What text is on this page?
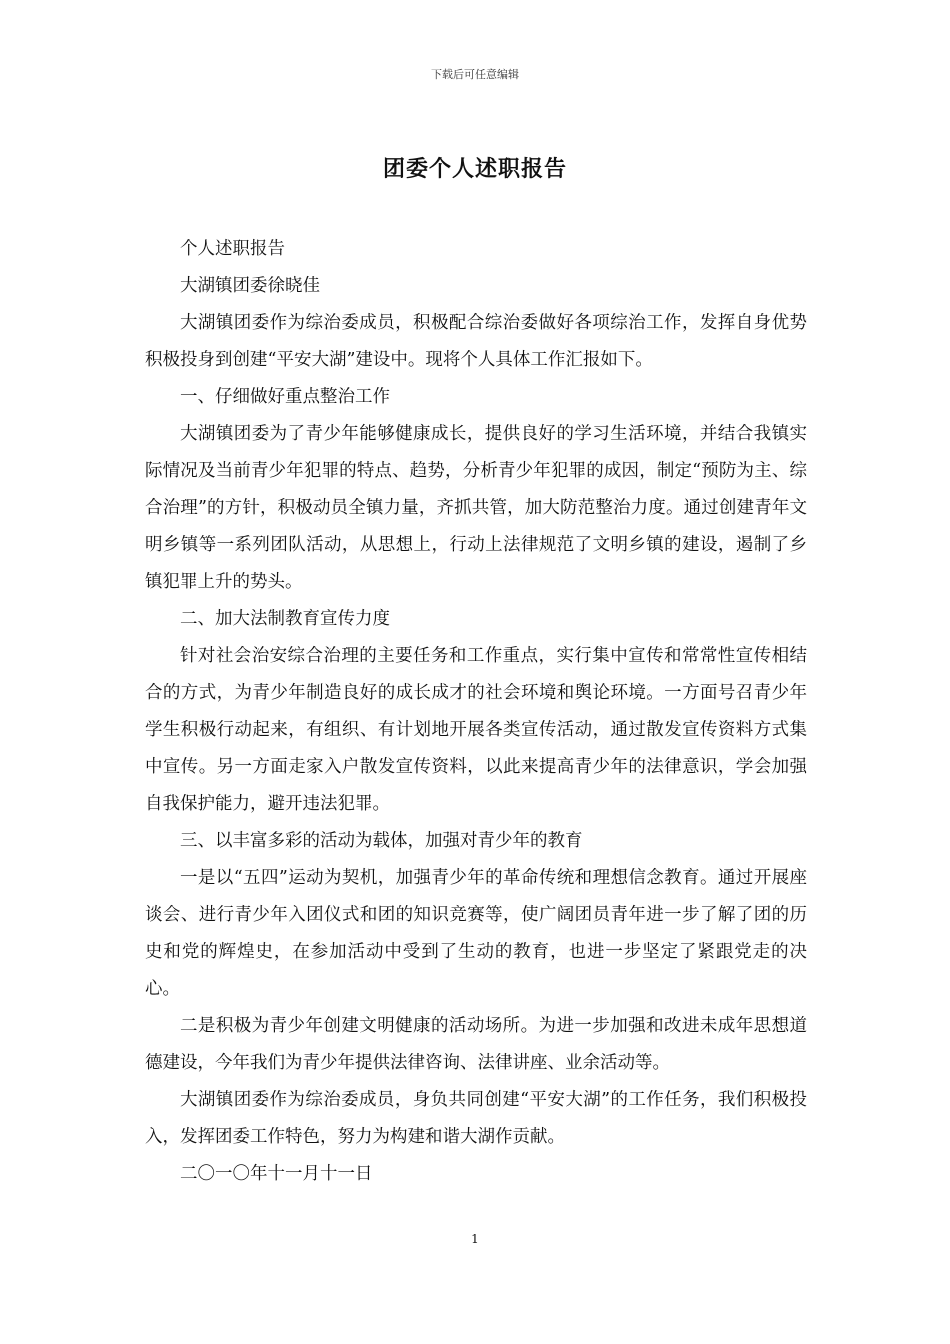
下载后可任意编辑
团委个人述职报告

个人述职报告

大湖镇团委徐晓佳

大湖镇团委作为综治委成员，积极配合综治委做好各项综治工作，发挥自身优势积极投身到创建“平安大湖”建设中。现将个人具体工作汇报如下。

一、仔细做好重点整治工作

大湖镇团委为了青少年能够健康成长，提供良好的学习生活环境，并结合我镇实际情况及当前青少年犯罪的特点、趋势，分析青少年犯罪的成因，制定“预防为主、综合治理”的方针，积极动员全镇力量，齐抓共管，加大防范整治力度。通过创建青年文明乡镇等一系列团队活动，从思想上，行动上法律规范了文明乡镇的建设，遏制了乡镇犯罪上升的势头。

二、加大法制教育宣传力度

针对社会治安综合治理的主要任务和工作重点，实行集中宣传和常常性宣传相结合的方式，为青少年制造良好的成长成才的社会环境和舆论环境。一方面号召青少年学生积极行动起来，有组织、有计划地开展各类宣传活动，通过散发宣传资料方式集中宣传。另一方面走家入户散发宣传资料，以此来提高青少年的法律意识，学会加强自我保护能力，避开违法犯罪。

三、以丰富多彩的活动为载体，加强对青少年的教育

一是以“五四”运动为契机，加强青少年的革命传统和理想信念教育。通过开展座谈会、进行青少年入团仪式和团的知识竞赛等，使广阔团员青年进一步了解了团的历史和党的辉煌史，在参加活动中受到了生动的教育，也进一步坚定了紧跟党走的决心。

二是积极为青少年创建文明健康的活动场所。为进一步加强和改进未成年思想道德建设，今年我们为青少年提供法律咨询、法律讲座、业余活动等。

大湖镇团委作为综治委成员，身负共同创建“平安大湖”的工作任务，我们积极投入，发挥团委工作特色，努力为构建和谐大湖作贡献。

二〇一〇年十一月十一日

1
